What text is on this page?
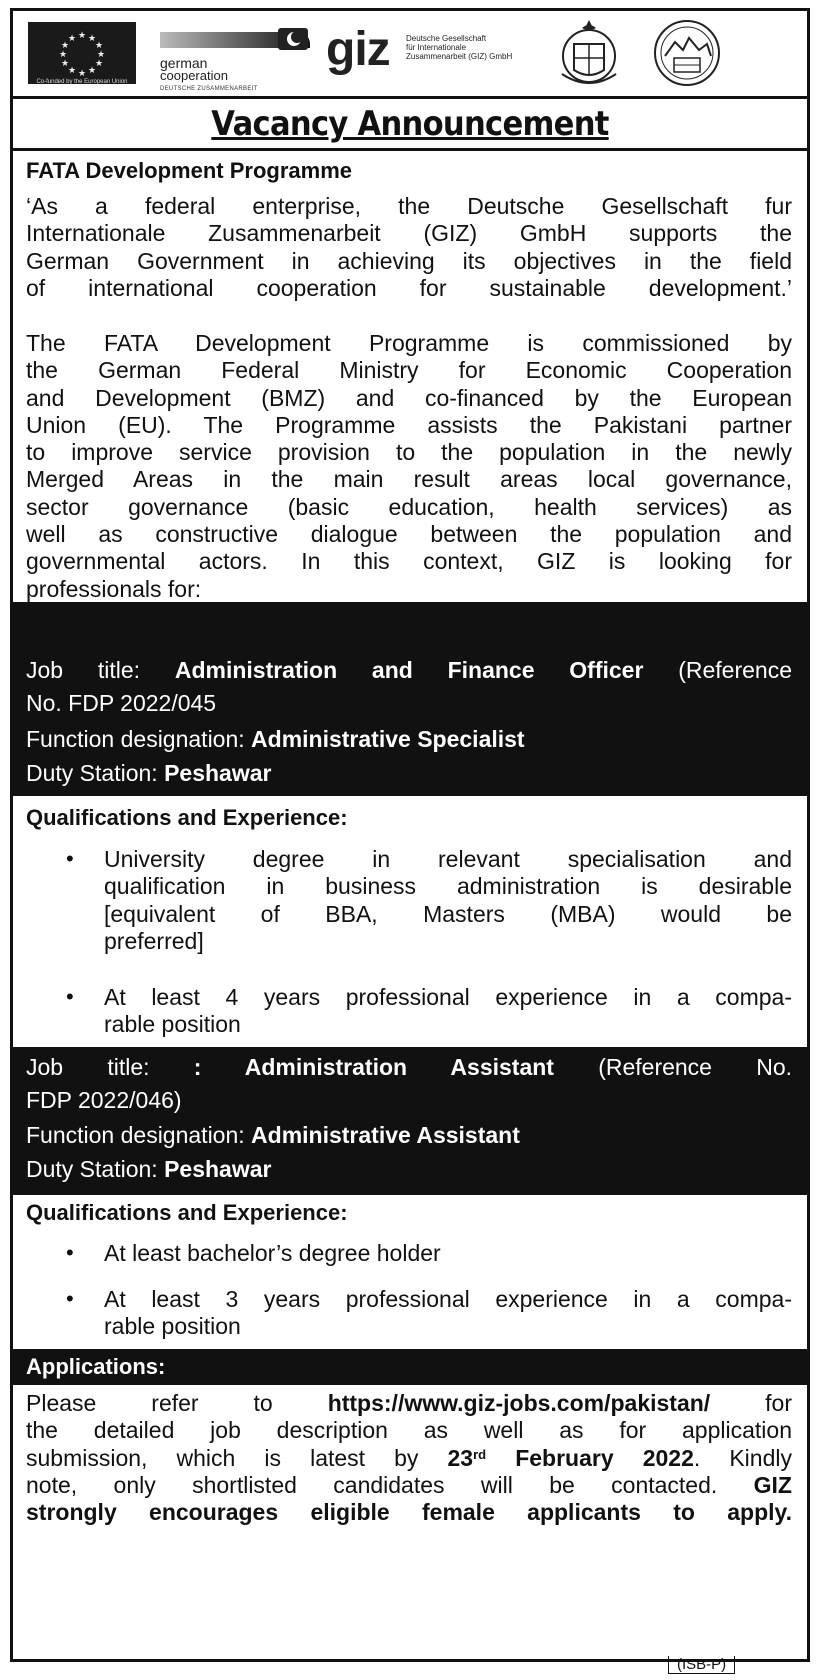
★ ★
★
★
★
★
★
★
★
★
★
★
Co-funded by the European Union
german
cooperation
DEUTSCHE ZUSAMMENARBEIT
giz Deutsche Gesellschaft
für Internationale
Zusammenarbeit (GIZ) GmbH
Vacancy Announcement
FATA Development Programme
‘As a federal enterprise, the Deutsche Gesellschaft fur
Internationale Zusammenarbeit (GIZ) GmbH supports the
German Government in achieving its objectives in the field
of international cooperation for sustainable development.’
The FATA Development Programme is commissioned by
the German Federal Ministry for Economic Cooperation
and Development (BMZ) and co-financed by the European
Union (EU). The Programme assists the Pakistani partner
to improve service provision to the population in the newly
Merged Areas in the main result areas local governance,
sector governance (basic education, health services) as
well as constructive dialogue between the population and
governmental actors. In this context, GIZ is looking for
professionals for:
Job title: Administration and Finance Officer (Reference
No. FDP 2022/045
Function designation: Administrative Specialist
Duty Station: Peshawar
Qualifications and Experience:
•	University degree in relevant specialisation and
qualification in business administration is desirable
[equivalent of BBA, Masters (MBA) would be
preferred]
•	At least 4 years professional experience in a compa-
rable position
Job title: : Administration Assistant (Reference No.
FDP 2022/046)
Function designation: Administrative Assistant
Duty Station: Peshawar
Qualifications and Experience:
•	At least bachelor’s degree holder
•	At least 3 years professional experience in a compa-
rable position
Applications:
Please refer to https://www.giz-jobs.com/pakistan/ for
the detailed job description as well as for application
submission, which is latest by 23rd February 2022. Kindly
note, only shortlisted candidates will be contacted. GIZ
strongly encourages eligible female applicants to apply.
(ISB-P)
